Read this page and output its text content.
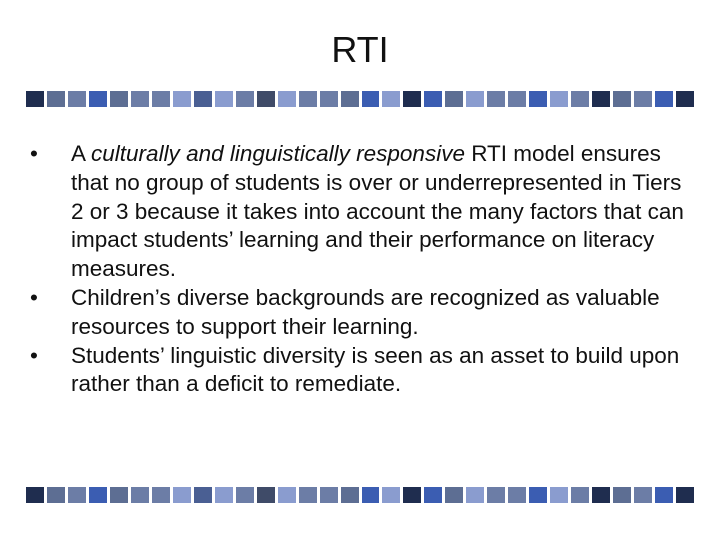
RTI

•	A culturally and linguistically responsive RTI model ensures that no group of students is over or underrepresented in Tiers 2 or 3 because it takes into account the many factors that can impact students’ learning and their performance on literacy measures.

•	Children’s diverse backgrounds are recognized as valuable resources to support their learning.

•	Students’ linguistic diversity is seen as an asset to build upon rather than a deficit to remediate.
